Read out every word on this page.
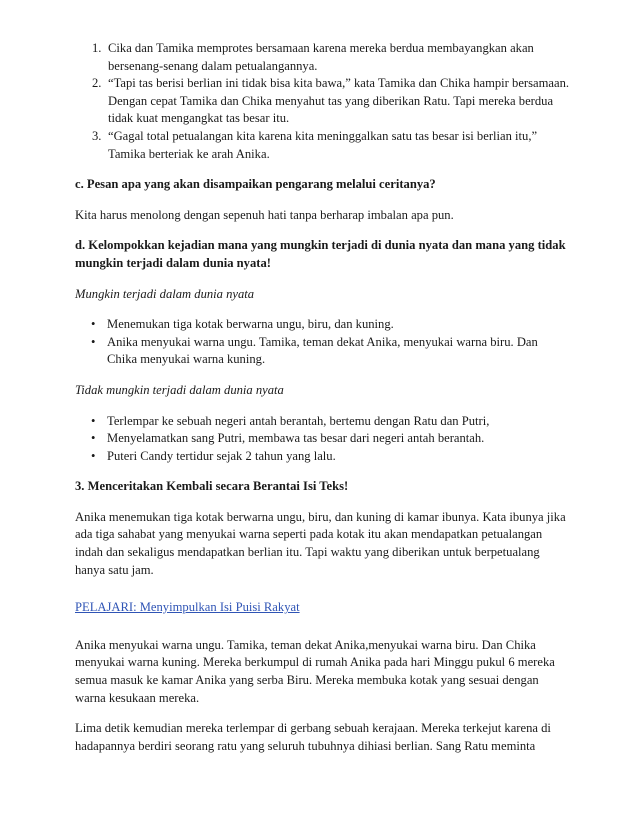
1. Cika dan Tamika memprotes bersamaan karena mereka berdua membayangkan akan bersenang-senang dalam petualangannya.

2. “Tapi tas berisi berlian ini tidak bisa kita bawa,” kata Tamika dan Chika hampir bersamaan.

Dengan cepat Tamika dan Chika menyahut tas yang diberikan Ratu. Tapi mereka berdua tidak kuat mengangkat tas besar itu.

3. “Gagal total petualangan kita karena kita meninggalkan satu tas besar isi berlian itu,” Tamika berteriak ke arah Anika.

c. Pesan apa yang akan disampaikan pengarang melalui ceritanya?

Kita harus menolong dengan sepenuh hati tanpa berharap imbalan apa pun.

d. Kelompokkan kejadian mana yang mungkin terjadi di dunia nyata dan mana yang tidak mungkin terjadi dalam dunia nyata!

Mungkin terjadi dalam dunia nyata

• Menemukan tiga kotak berwarna ungu, biru, dan kuning.
• Anika menyukai warna ungu. Tamika, teman dekat Anika, menyukai warna biru. Dan Chika menyukai warna kuning.

Tidak mungkin terjadi dalam dunia nyata

• Terlempar ke sebuah negeri antah berantah, bertemu dengan Ratu dan Putri,
• Menyelamatkan sang Putri, membawa tas besar dari negeri antah berantah.
• Puteri Candy tertidur sejak 2 tahun yang lalu.

3. Menceritakan Kembali secara Berantai Isi Teks!

Anika menemukan tiga kotak berwarna ungu, biru, dan kuning di kamar ibunya. Kata ibunya jika ada tiga sahabat yang menyukai warna seperti pada kotak itu akan mendapatkan petualangan indah dan sekaligus mendapatkan berlian itu. Tapi waktu yang diberikan untuk berpetualang hanya satu jam.

PELAJARI: Menyimpulkan Isi Puisi Rakyat

Anika menyukai warna ungu. Tamika, teman dekat Anika,menyukai warna biru. Dan Chika menyukai warna kuning. Mereka berkumpul di rumah Anika pada hari Minggu pukul 6 mereka semua masuk ke kamar Anika yang serba Biru. Mereka membuka kotak yang sesuai dengan warna kesukaan mereka.

Lima detik kemudian mereka terlempar di gerbang sebuah kerajaan. Mereka terkejut karena di hadapannya berdiri seorang ratu yang seluruh tubuhnya dihiasi berlian. Sang Ratu meminta
